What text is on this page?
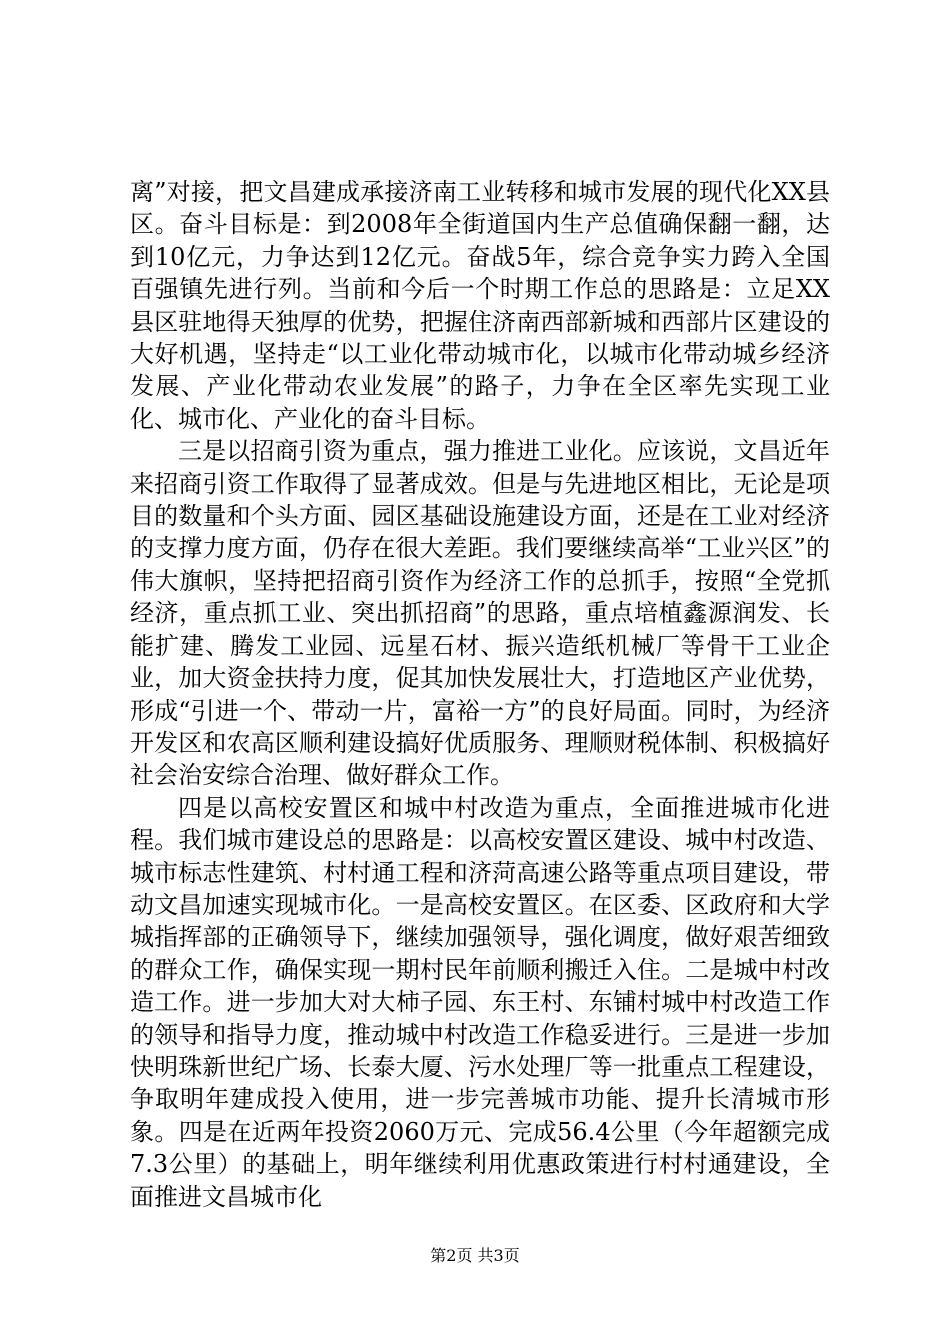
离”对接，把文昌建成承接济南工业转移和城市发展的现代化XX县区。奋斗目标是：到2008年全街道国内生产总值确保翻一翻，达到10亿元，力争达到12亿元。奋战5年，综合竞争实力跨入全国百强镇先进行列。当前和今后一个时期工作总的思路是：立足XX县区驻地得天独厚的优势，把握住济南西部新城和西部片区建设的大好机遇，坚持走“以工业化带动城市化，以城市化带动城乡经济发展、产业化带动农业发展”的路子，力争在全区率先实现工业化、城市化、产业化的奋斗目标。

三是以招商引资为重点，强力推进工业化。应该说，文昌近年来招商引资工作取得了显著成效。但是与先进地区相比，无论是项目的数量和个头方面、园区基础设施建设方面，还是在工业对经济的支撑力度方面，仍存在很大差距。我们要继续高举“工业兴区”的伟大旗帜，坚持把招商引资作为经济工作的总抓手，按照“全党抓经济，重点抓工业、突出抓招商”的思路，重点培植鑫源润发、长能扩建、腾发工业园、远星石材、振兴造纸机械厂等骨干工业企业，加大资金扶持力度，促其加快发展壮大，打造地区产业优势，形成“引进一个、带动一片，富裕一方”的良好局面。同时，为经济开发区和农高区顺利建设搞好优质服务、理顺财税体制、积极搞好社会治安综合治理、做好群众工作。

四是以高校安置区和城中村改造为重点，全面推进城市化进程。我们城市建设总的思路是：以高校安置区建设、城中村改造、城市标志性建筑、村村通工程和济菏高速公路等重点项目建设，带动文昌加速实现城市化。一是高校安置区。在区委、区政府和大学城指挥部的正确领导下，继续加强领导，强化调度，做好艰苦细致的群众工作，确保实现一期村民年前顺利搬迁入住。二是城中村改造工作。进一步加大对大柿子园、东王村、东铺村城中村改造工作的领导和指导力度，推动城中村改造工作稳妥进行。三是进一步加快明珠新世纪广场、长泰大厦、污水处理厂等一批重点工程建设，争取明年建成投入使用，进一步完善城市功能、提升长清城市形象。四是在近两年投资2060万元、完成56.4公里（今年超额完成7.3公里）的基础上，明年继续利用优惠政策进行村村通建设，全面推进文昌城市化

第2页 共3页
